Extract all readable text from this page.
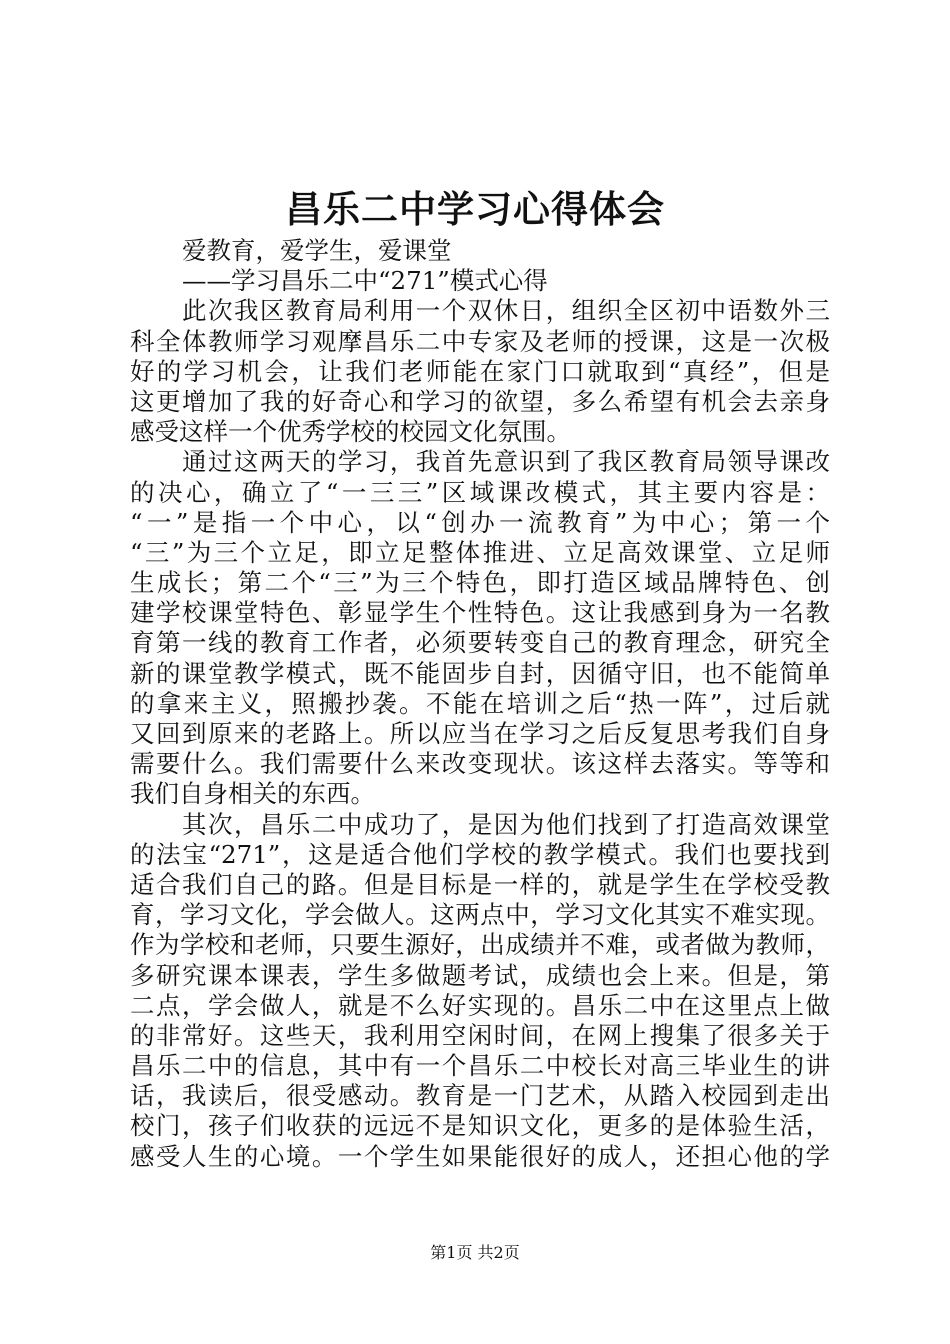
昌乐二中学习心得体会
爱教育，爱学生，爱课堂
——学习昌乐二中“271”模式心得
此次我区教育局利用一个双休日，组织全区初中语数外三
科全体教师学习观摩昌乐二中专家及老师的授课，这是一次极
好的学习机会，让我们老师能在家门口就取到“真经”，但是
这更增加了我的好奇心和学习的欲望，多么希望有机会去亲身
感受这样一个优秀学校的校园文化氛围。
通过这两天的学习，我首先意识到了我区教育局领导课改
的决心，确立了“一三三”区域课改模式，其主要内容是：
“一”是指一个中心，以“创办一流教育”为中心；第一个
“三”为三个立足，即立足整体推进、立足高效课堂、立足师
生成长；第二个“三”为三个特色，即打造区域品牌特色、创
建学校课堂特色、彰显学生个性特色。这让我感到身为一名教
育第一线的教育工作者，必须要转变自己的教育理念，研究全
新的课堂教学模式，既不能固步自封，因循守旧，也不能简单
的拿来主义，照搬抄袭。不能在培训之后“热一阵”，过后就
又回到原来的老路上。所以应当在学习之后反复思考我们自身
需要什么。我们需要什么来改变现状。该这样去落实。等等和
我们自身相关的东西。
其次，昌乐二中成功了，是因为他们找到了打造高效课堂
的法宝“271”，这是适合他们学校的教学模式。我们也要找到
适合我们自己的路。但是目标是一样的，就是学生在学校受教
育，学习文化，学会做人。这两点中，学习文化其实不难实现。
作为学校和老师，只要生源好，出成绩并不难，或者做为教师，
多研究课本课表，学生多做题考试，成绩也会上来。但是，第
二点，学会做人，就是不么好实现的。昌乐二中在这里点上做
的非常好。这些天，我利用空闲时间，在网上搜集了很多关于
昌乐二中的信息，其中有一个昌乐二中校长对高三毕业生的讲
话，我读后，很受感动。教育是一门艺术，从踏入校园到走出
校门，孩子们收获的远远不是知识文化，更多的是体验生活，
感受人生的心境。一个学生如果能很好的成人，还担心他的学
第1页 共2页
